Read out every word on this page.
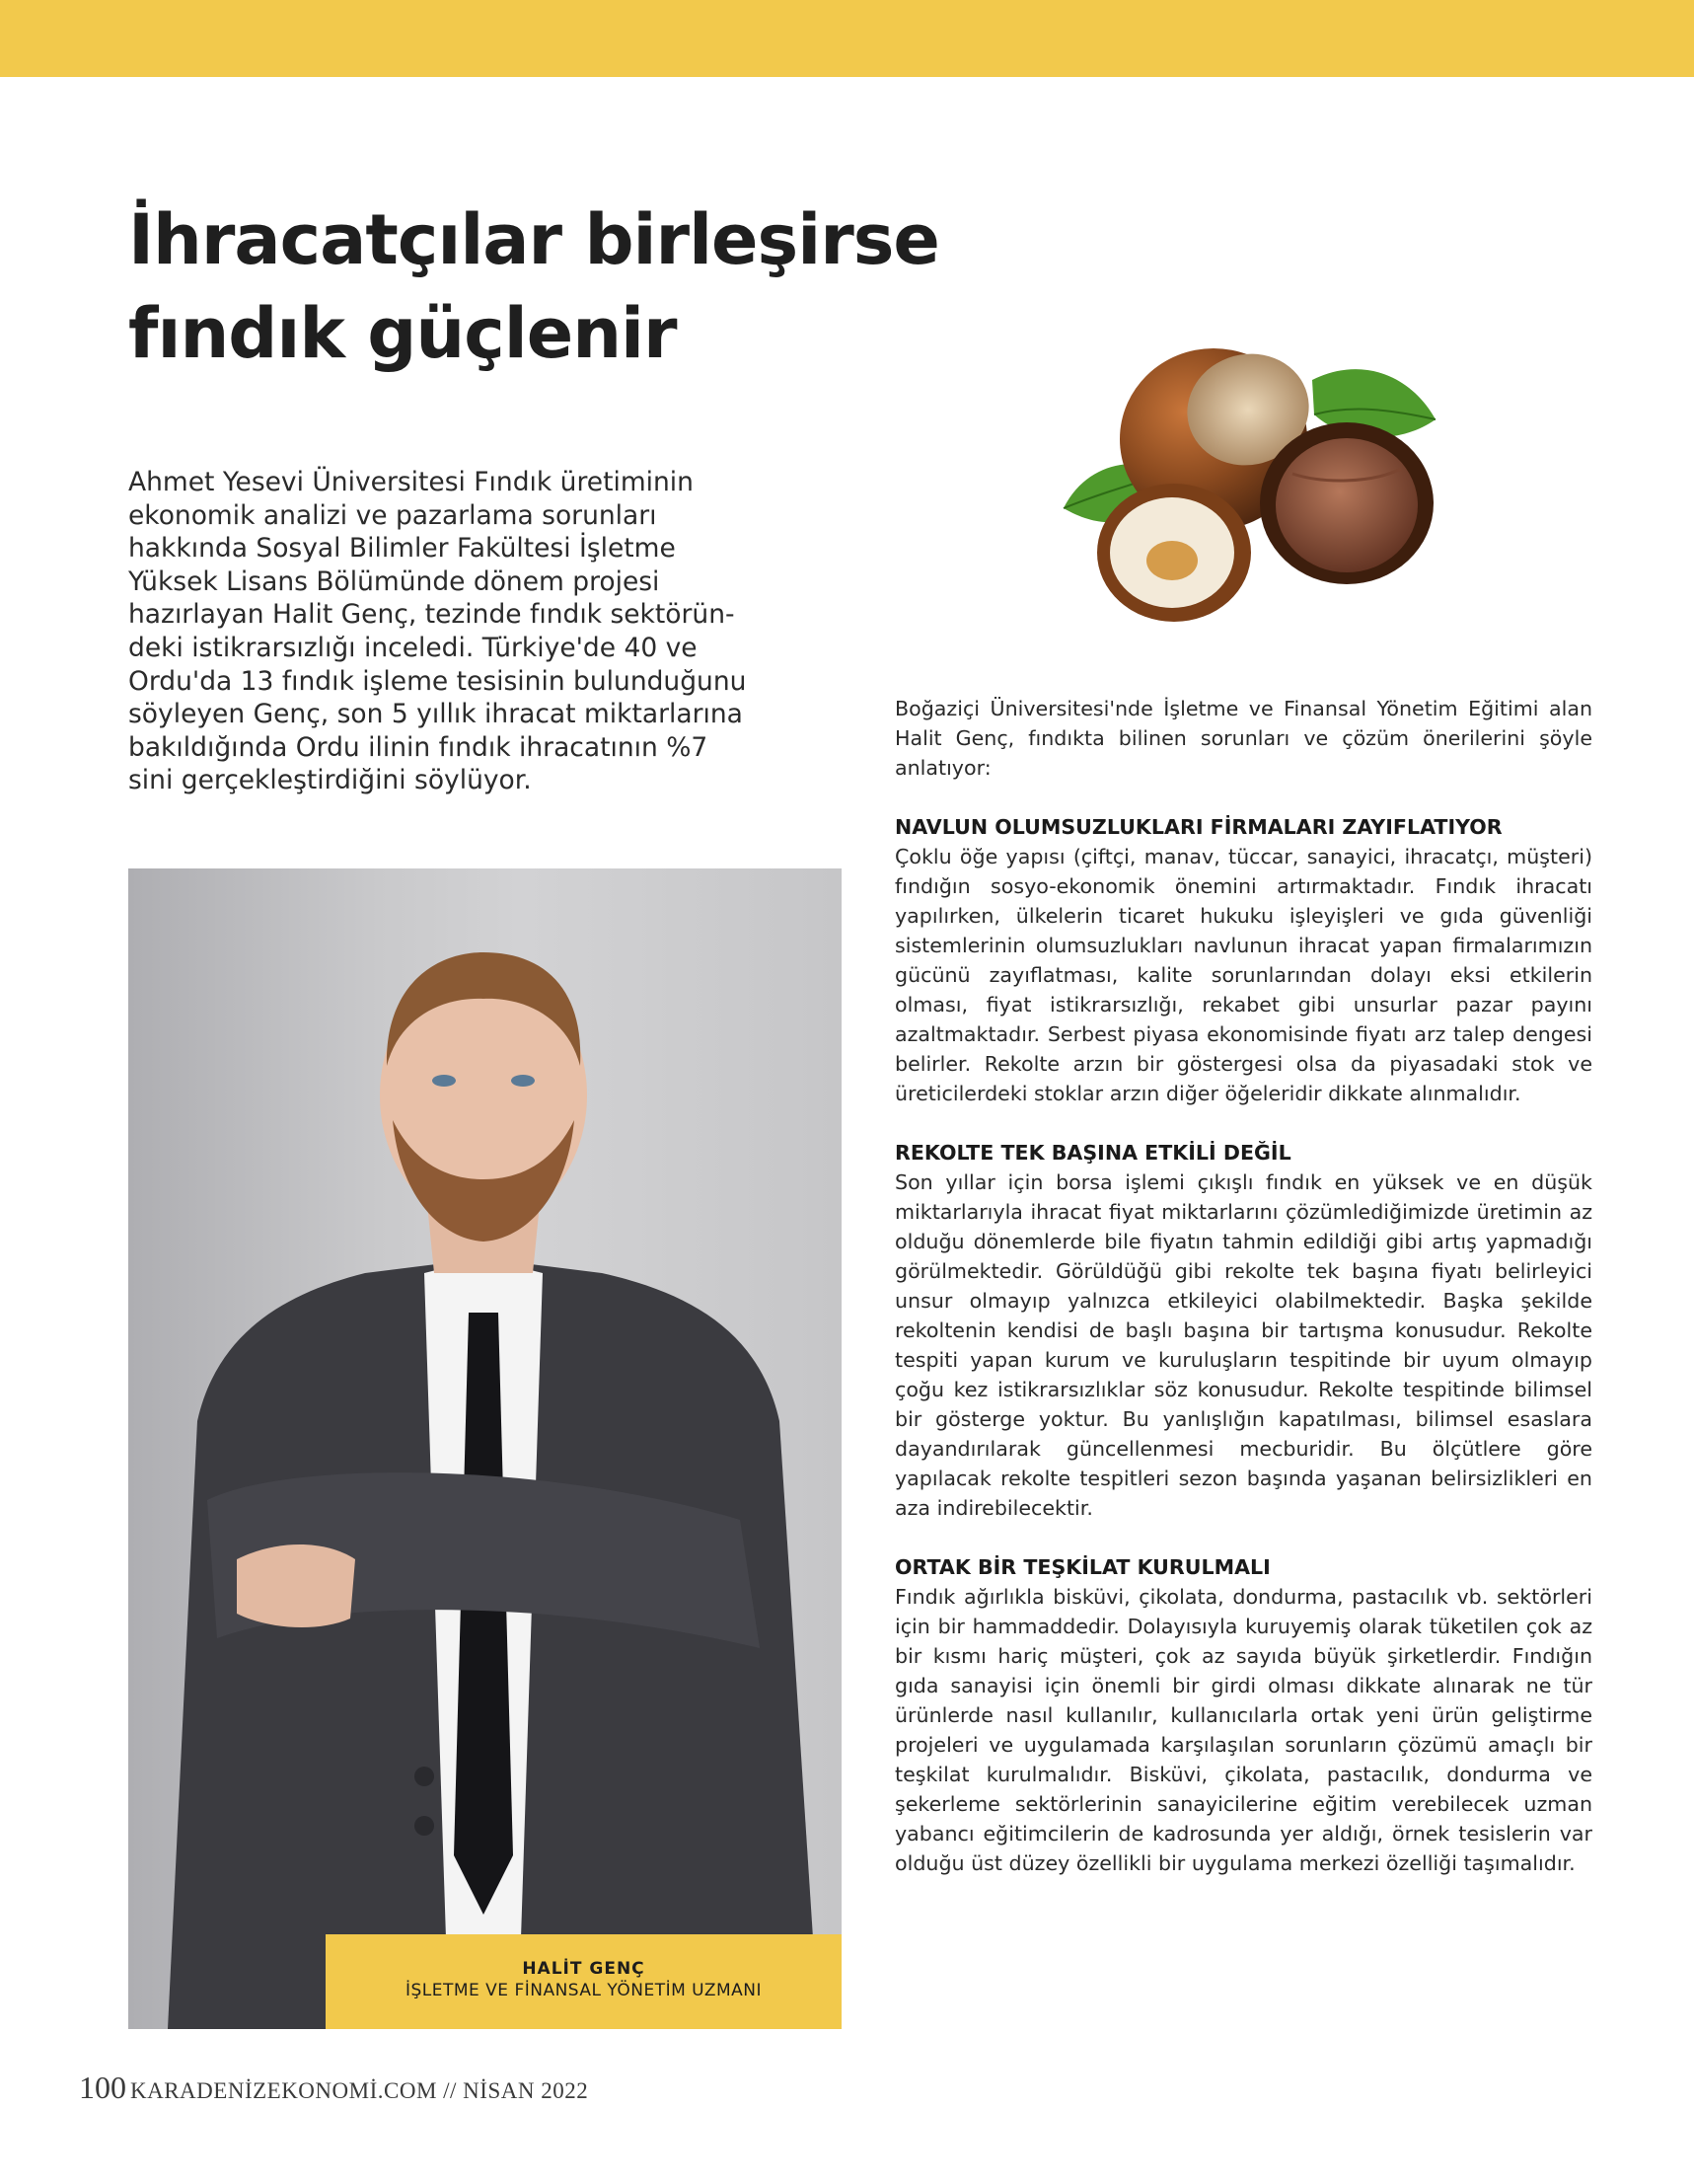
İhracatçılar birleşirse
fındık güçlenir
Ahmet Yesevi Üniversitesi Fındık üretiminin
ekonomik analizi ve pazarlama sorunları
hakkında Sosyal Bilimler Fakültesi İşletme
Yüksek Lisans Bölümünde dönem projesi
hazırlayan Halit Genç, tezinde fındık sektörün-
deki istikrarsızlığı inceledi. Türkiye'de 40 ve
Ordu'da 13 fındık işleme tesisinin bulunduğunu
söyleyen Genç, son 5 yıllık ihracat miktarlarına
bakıldığında Ordu ilinin fındık ihracatının %7
sini gerçekleştirdiğini söylüyor.
HALİT GENÇ
İŞLETME VE FİNANSAL YÖNETİM UZMANI

Boğaziçi Üniversitesi'nde İşletme ve Finansal Yönetim Eğitimi alan Halit Genç, fındıkta bilinen sorunları ve çözüm önerilerini şöyle anlatıyor:

NAVLUN OLUMSUZLUKLARI FİRMALARI ZAYIFLATIYOR

Çoklu öğe yapısı (çiftçi, manav, tüccar, sanayici, ihracatçı, müşteri) fındığın sosyo-ekonomik önemini artırmaktadır. Fındık ihracatı yapılırken, ülkelerin ticaret hukuku işleyişleri ve gıda güvenliği sistemlerinin olumsuzlukları navlunun ihracat yapan firmalarımızın gücünü zayıflatması, kalite sorunlarından dolayı eksi etkilerin olması, fiyat istikrarsızlığı, rekabet gibi unsurlar pazar payını azaltmaktadır. Serbest piyasa ekonomisinde fiyatı arz talep dengesi belirler. Rekolte arzın bir göstergesi olsa da piyasadaki stok ve üreticilerdeki stoklar arzın diğer öğeleridir dikkate alınmalıdır.

REKOLTE TEK BAŞINA ETKİLİ DEĞİL

Son yıllar için borsa işlemi çıkışlı fındık en yüksek ve en düşük miktarlarıyla ihracat fiyat miktarlarını çözümlediğimizde üretimin az olduğu dönemlerde bile fiyatın tahmin edildiği gibi artış yapmadığı görülmektedir. Görüldüğü gibi rekolte tek başına fiyatı belirleyici unsur olmayıp yalnızca etkileyici olabilmektedir. Başka şekilde rekoltenin kendisi de başlı başına bir tartışma konusudur. Rekolte tespiti yapan kurum ve kuruluşların tespitinde bir uyum olmayıp çoğu kez istikrarsızlıklar söz konusudur. Rekolte tespitinde bilimsel bir gösterge yoktur. Bu yanlışlığın kapatılması, bilimsel esaslara dayandırılarak güncellenmesi mecburidir. Bu ölçütlere göre yapılacak rekolte tespitleri sezon başında yaşanan belirsizlikleri en aza indirebilecektir.

ORTAK BİR TEŞKİLAT KURULMALI

Fındık ağırlıkla bisküvi, çikolata, dondurma, pastacılık vb. sektörleri için bir hammaddedir. Dolayısıyla kuruyemiş olarak tüketilen çok az bir kısmı hariç müşteri, çok az sayıda büyük şirketlerdir. Fındığın gıda sanayisi için önemli bir girdi olması dikkate alınarak ne tür ürünlerde nasıl kullanılır, kullanıcılarla ortak yeni ürün geliştirme projeleri ve uygulamada karşılaşılan sorunların çözümü amaçlı bir teşkilat kurulmalıdır. Bisküvi, çikolata, pastacılık, dondurma ve şekerleme sektörlerinin sanayicilerine eğitim verebilecek uzman yabancı eğitimcilerin de kadrosunda yer aldığı, örnek tesislerin var olduğu üst düzey özellikli bir uygulama merkezi özelliği taşımalıdır.

100 KARADENİZEKONOMİ.COM // NİSAN 2022
